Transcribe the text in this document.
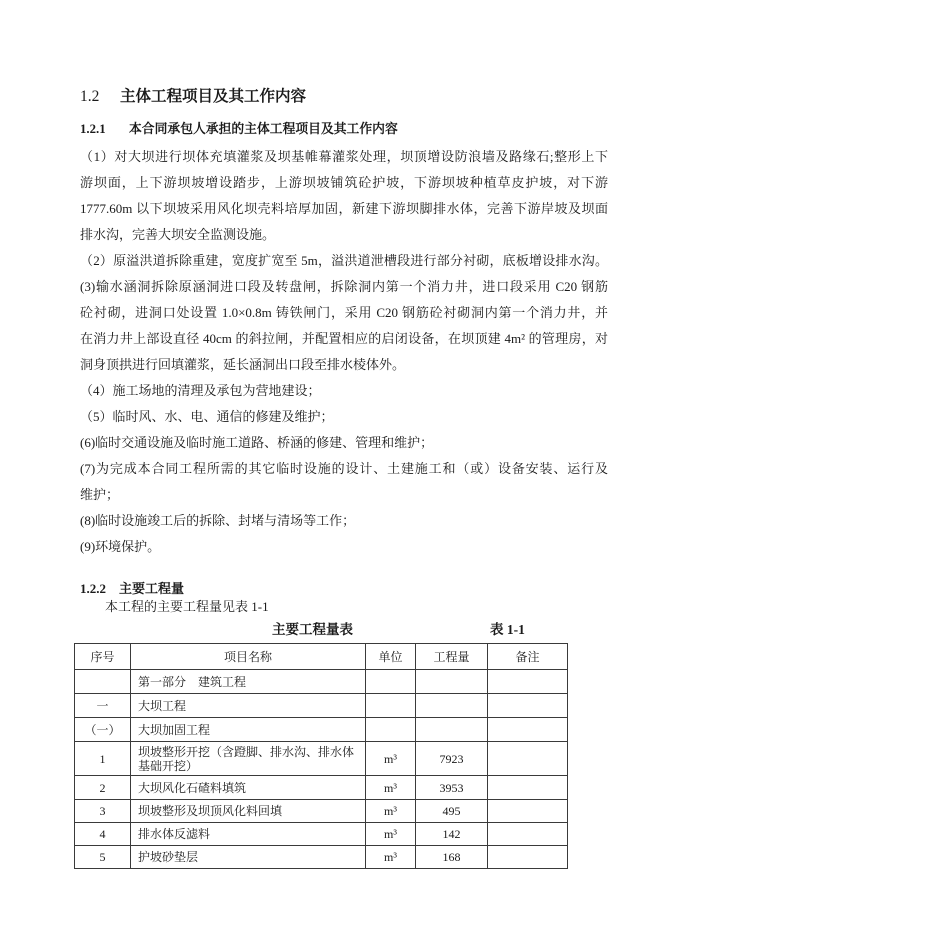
1.2 主体工程项目及其工作内容
1.2.1 本合同承包人承担的主体工程项目及其工作内容
（1）对大坝进行坝体充填灌浆及坝基帷幕灌浆处理，坝顶增设防浪墙及路缘石;整形上下
游坝面，上下游坝坡增设踏步，上游坝坡铺筑砼护坡，下游坝坡种植草皮护坡，对下游
1777.60m 以下坝坡采用风化坝壳料培厚加固，新建下游坝脚排水体，完善下游岸坡及坝面
排水沟，完善大坝安全监测设施。
（2）原溢洪道拆除重建，宽度扩宽至 5m，溢洪道泄槽段进行部分衬砌，底板增设排水沟。
(3)输水涵洞拆除原涵洞进口段及转盘闸，拆除洞内第一个消力井，进口段采用 C20 钢筋
砼衬砌，进洞口处设置 1.0×0.8m 铸铁闸门，采用 C20 钢筋砼衬砌洞内第一个消力井，并
在消力井上部设直径 40cm 的斜拉闸，并配置相应的启闭设备，在坝顶建 4m² 的管理房，对
洞身顶拱进行回填灌浆，延长涵洞出口段至排水棱体外。
（4）施工场地的清理及承包为营地建设；
（5）临时风、水、电、通信的修建及维护；
(6)临时交通设施及临时施工道路、桥涵的修建、管理和维护；
(7)为完成本合同工程所需的其它临时设施的设计、土建施工和（或）设备安装、运行及
维护；
(8)临时设施竣工后的拆除、封堵与清场等工作；
(9)环境保护。
1.2.2 主要工程量
本工程的主要工程量见表 1-1
主要工程量表	表 1-1
序号	项目名称	单位	工程量	备注
	第一部分　建筑工程			
一	大坝工程			
（一）	大坝加固工程			
1	坝坡整形开挖（含蹬脚、排水沟、排水体基础开挖）	m³	7923	
2	大坝风化石碴料填筑	m³	3953	
3	坝坡整形及坝顶风化料回填	m³	495	
4	排水体反滤料	m³	142	
5	护坡砂垫层	m³	168	
